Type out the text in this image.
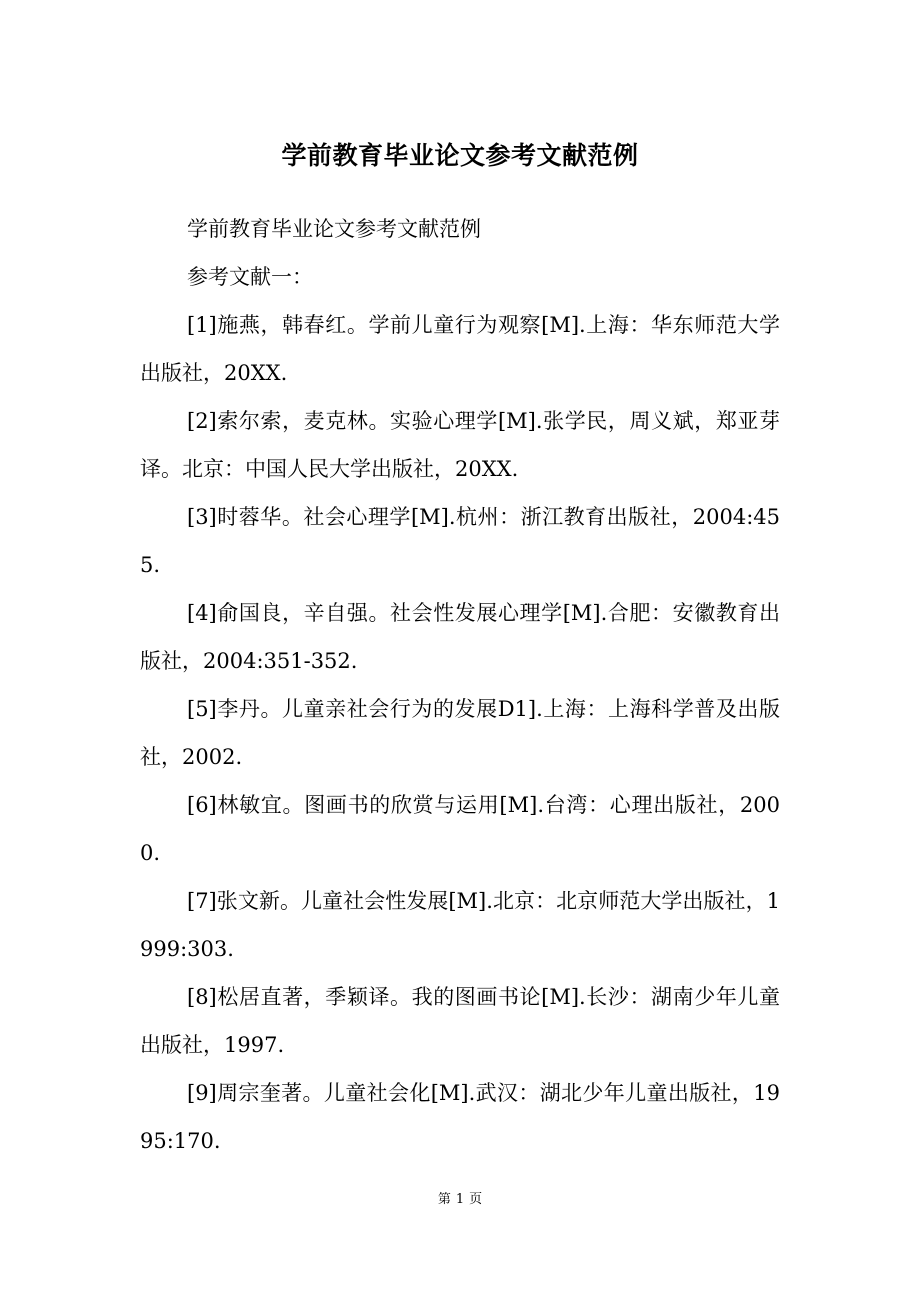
学前教育毕业论文参考文献范例

学前教育毕业论文参考文献范例

参考文献一：

[1]施燕，韩春红。学前儿童行为观察[M].上海：华东师范大学出版社，20XX.

[2]索尔索，麦克林。实验心理学[M].张学民，周义斌，郑亚芽译。北京：中国人民大学出版社，20XX.

[3]时蓉华。社会心理学[M].杭州：浙江教育出版社，2004:455.

[4]俞国良，辛自强。社会性发展心理学[M].合肥：安徽教育出版社，2004:351-352.

[5]李丹。儿童亲社会行为的发展D1].上海：上海科学普及出版社，2002.

[6]林敏宜。图画书的欣赏与运用[M].台湾：心理出版社，2000.

[7]张文新。儿童社会性发展[M].北京：北京师范大学出版社，1999:303.

[8]松居直著，季颖译。我的图画书论[M].长沙：湖南少年儿童出版社，1997.

[9]周宗奎著。儿童社会化[M].武汉：湖北少年儿童出版社，1995:170.

第 1 页
